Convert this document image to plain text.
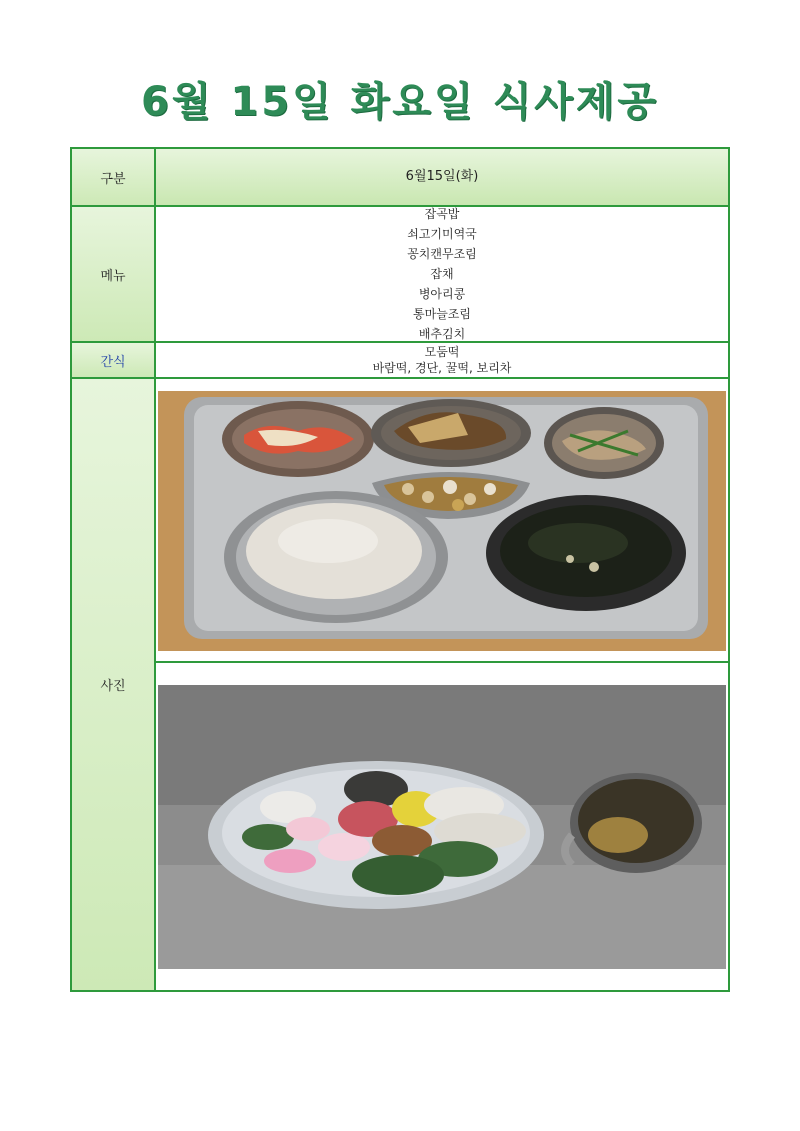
6월 15일 화요일 식사제공
구분	6월15일(화)
메뉴
잡곡밥
쇠고기미역국
꽁치캔무조림
잡채
병아리콩
통마늘조림
배추김치
간식
모둠떡
바람떡, 경단, 꿀떡, 보리차
사진
